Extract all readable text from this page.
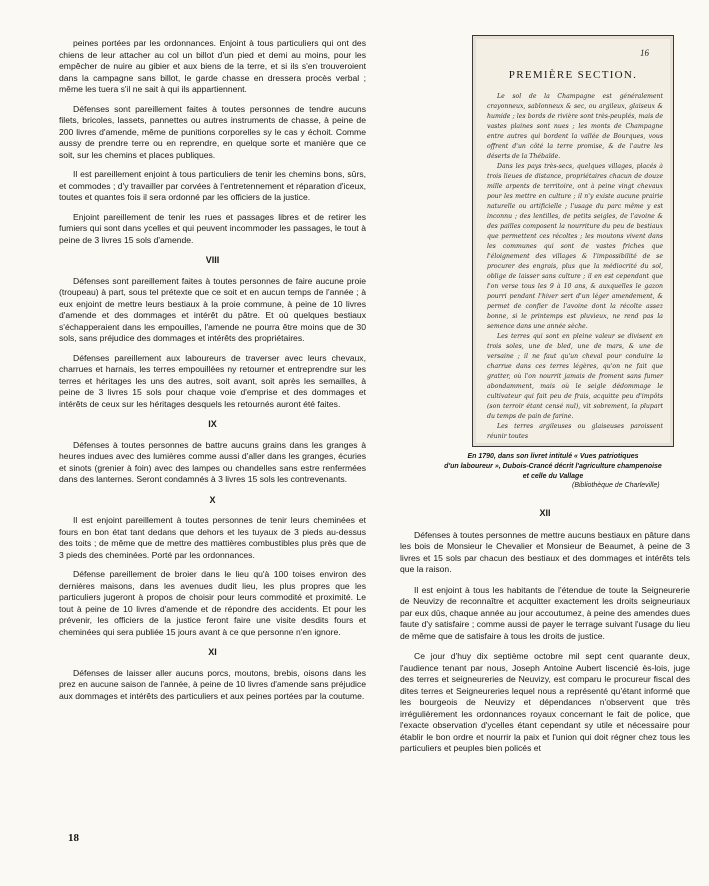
peines portées par les ordonnances. Enjoint à tous particuliers qui ont des chiens de leur attacher au col un billot d'un pied et demi au moins, pour les empêcher de nuire au gibier et aux biens de la terre, et si ils s'en trouveroient dans la campagne sans billot, le garde chasse en dressera procès verbal ; même les tuera s'il ne sait à qui ils appartiennent.

Défenses sont pareillement faites à toutes personnes de tendre aucuns filets, bricoles, lassets, pannettes ou autres instruments de chasse, à peine de 200 livres d'amende, même de punitions corporelles sy le cas y échoit. Comme aussy de prendre terre ou en reprendre, en quelque sorte et manière que ce soit, sur les chemins et places publiques.

Il est pareillement enjoint à tous particuliers de tenir les chemins bons, sûrs, et commodes ; d'y travailler par corvées à l'entretennement et réparation d'iceux, toutes et quantes fois il sera ordonné par les officiers de la justice.

Enjoint pareillement de tenir les rues et passages libres et de retirer les fumiers qui sont dans ycelles et qui peuvent incommoder les passages, le tout à peine de 3 livres 15 sols d'amende.

VIII

Défenses sont pareillement faites à toutes personnes de faire aucune proie (troupeau) à part, sous tel prétexte que ce soit et en aucun temps de l'année ; à eux enjoint de mettre leurs bestiaux à la proie commune, à peine de 10 livres d'amende et des dommages et intérêt du pâtre. Et où quelques bestiaux s'échapperaient dans les empouilles, l'amende ne pourra être moins que de 30 sols, sans préjudice des dommages et intérêts des propriétaires.

Défenses pareillement aux laboureurs de traverser avec leurs chevaux, charrues et harnais, les terres empouillées ny retourner et entreprendre sur les terres et héritages les uns des autres, soit avant, soit après les semailles, à peine de 3 livres 15 sols pour chaque voie d'emprise et des dommages et intérêts de ceux sur les héritages desquels les retournés auront été faites.

IX

Défenses à toutes personnes de battre aucuns grains dans les granges à heures indues avec des lumières comme aussi d'aller dans les granges, écuries et sinots (grenier à foin) avec des lampes ou chandelles sans estre renfermées dans des lanternes. Seront condamnés à 3 livres 15 sols les contrevenants.

X

Il est enjoint pareillement à toutes personnes de tenir leurs cheminées et fours en bon état tant dedans que dehors et les tuyaux de 3 pieds au-dessus des toits ; de même que de mettre des mattières combustibles plus près que de 3 pieds des cheminées. Porté par les ordonnances.

Défense pareillement de broier dans le lieu qu'à 100 toises environ des dernières maisons, dans les avenues dudit lieu, les plus propres que les particuliers jugeront à propos de choisir pour leurs commodité et proximité. Le tout à peine de 10 livres d'amende et de répondre des accidents. Et pour les prévenir, les officiers de la justice feront faire une visite desdits fours et cheminées qui sera publiée 15 jours avant à ce que personne n'en ignore.

XI

Défenses de laisser aller aucuns porcs, moutons, brebis, oisons dans les prez en aucune saison de l'année, à peine de 10 livres d'amende sans préjudice aux dommages et intérêts des particuliers et aux peines portées par la coutume.

18
16
PREMIÈRE SECTION.

Le sol de la Champagne est généralement crayonneux, sablonneux & sec, ou argileux, glaiseux & humide ; les bords de rivière sont très-peuplés, mais de vastes plaines sont nues ; les monts de Champagne entre autres qui bordent la vallée de Bourques, vous offrent d'un côté la terre promise, & de l'autre les déserts de la Thébaïde.

Dans les pays très-secs, quelques villages, placés à trois lieues de distance, propriétaires chacun de douze mille arpents de territoire, ont à peine vingt chevaux pour les mettre en culture ; il n'y existe aucune prairie naturelle ou artificielle ; l'usage du parc même y est inconnu ; des lentilles, de petits seigles, de l'avoine & des pailles composent la nourriture du peu de bestiaux que permettent ces récoltes ; les moutons vivent dans les communes qui sont de vastes friches que l'éloignement des villages & l'impossibilité de se procurer des engrais, plus que la médiocrité du sol, oblige de laisser sans culture ; il en est cependant que l'on verse tous les 9 à 10 ans, & auxquelles le gazon pourri pendant l'hiver sert d'un léger amendement, & permet de confier de l'avoine dont la récolte assez bonne, si le printemps est pluvieux, ne rend pas la semence dans une année sèche.

Les terres qui sont en pleine valeur se divisent en trois soles, une de bled, une de mars, & une de versaine ; il ne faut qu'un cheval pour conduire la charrue dans ces terres légères, qu'on ne fait que gratter, où l'on nourrit jamais de froment sans fumer abondamment, mais où le seigle dédommage le cultivateur qui fait peu de frais, acquitte peu d'impôts (son terroir étant censé nul), vit sobrement, la plupart du temps de pain de farine.

Les terres argileuses ou glaiseuses paroissent réunir toutes

En 1790, dans son livret intitulé « Vues patriotiques
d'un laboureur », Dubois-Crancé décrit l'agriculture champenoise
et celle du Vallage
(Bibliothèque de Charleville)
XII

Défenses à toutes personnes de mettre aucuns bestiaux en pâture dans les bois de Monsieur le Chevalier et Monsieur de Beaumet, à peine de 3 livres et 15 sols par chacun des bestiaux et des dommages et intérêts tels que la raison.

Il est enjoint à tous les habitants de l'étendue de toute la Seigneurerie de Neuvizy de reconnaître et acquitter exactement les droits seigneuriaux par eux dûs, chaque année au jour accoutumez, à peine des amendes dues faute d'y satisfaire ; comme aussi de payer le terrage suivant l'usage du lieu de même que de satisfaire à tous les droits de justice.

Ce jour d'huy dix septième octobre mil sept cent quarante deux, l'audience tenant par nous, Joseph Antoine Aubert liscencié ès-lois, juge des terres et seigneureries de Neuvizy, est comparu le procureur fiscal des dites terres et Seigneureries lequel nous a représenté qu'étant informé que les bourgeois de Neuvizy et dépendances n'observent que très irrégulièrement les ordonnances royaux concernant le fait de police, que l'exacte observation d'ycelles étant cependant sy utile et nécessaire pour établir le bon ordre et nourrir la paix et l'union qui doit régner chez tous les particuliers et peuples bien policés et
